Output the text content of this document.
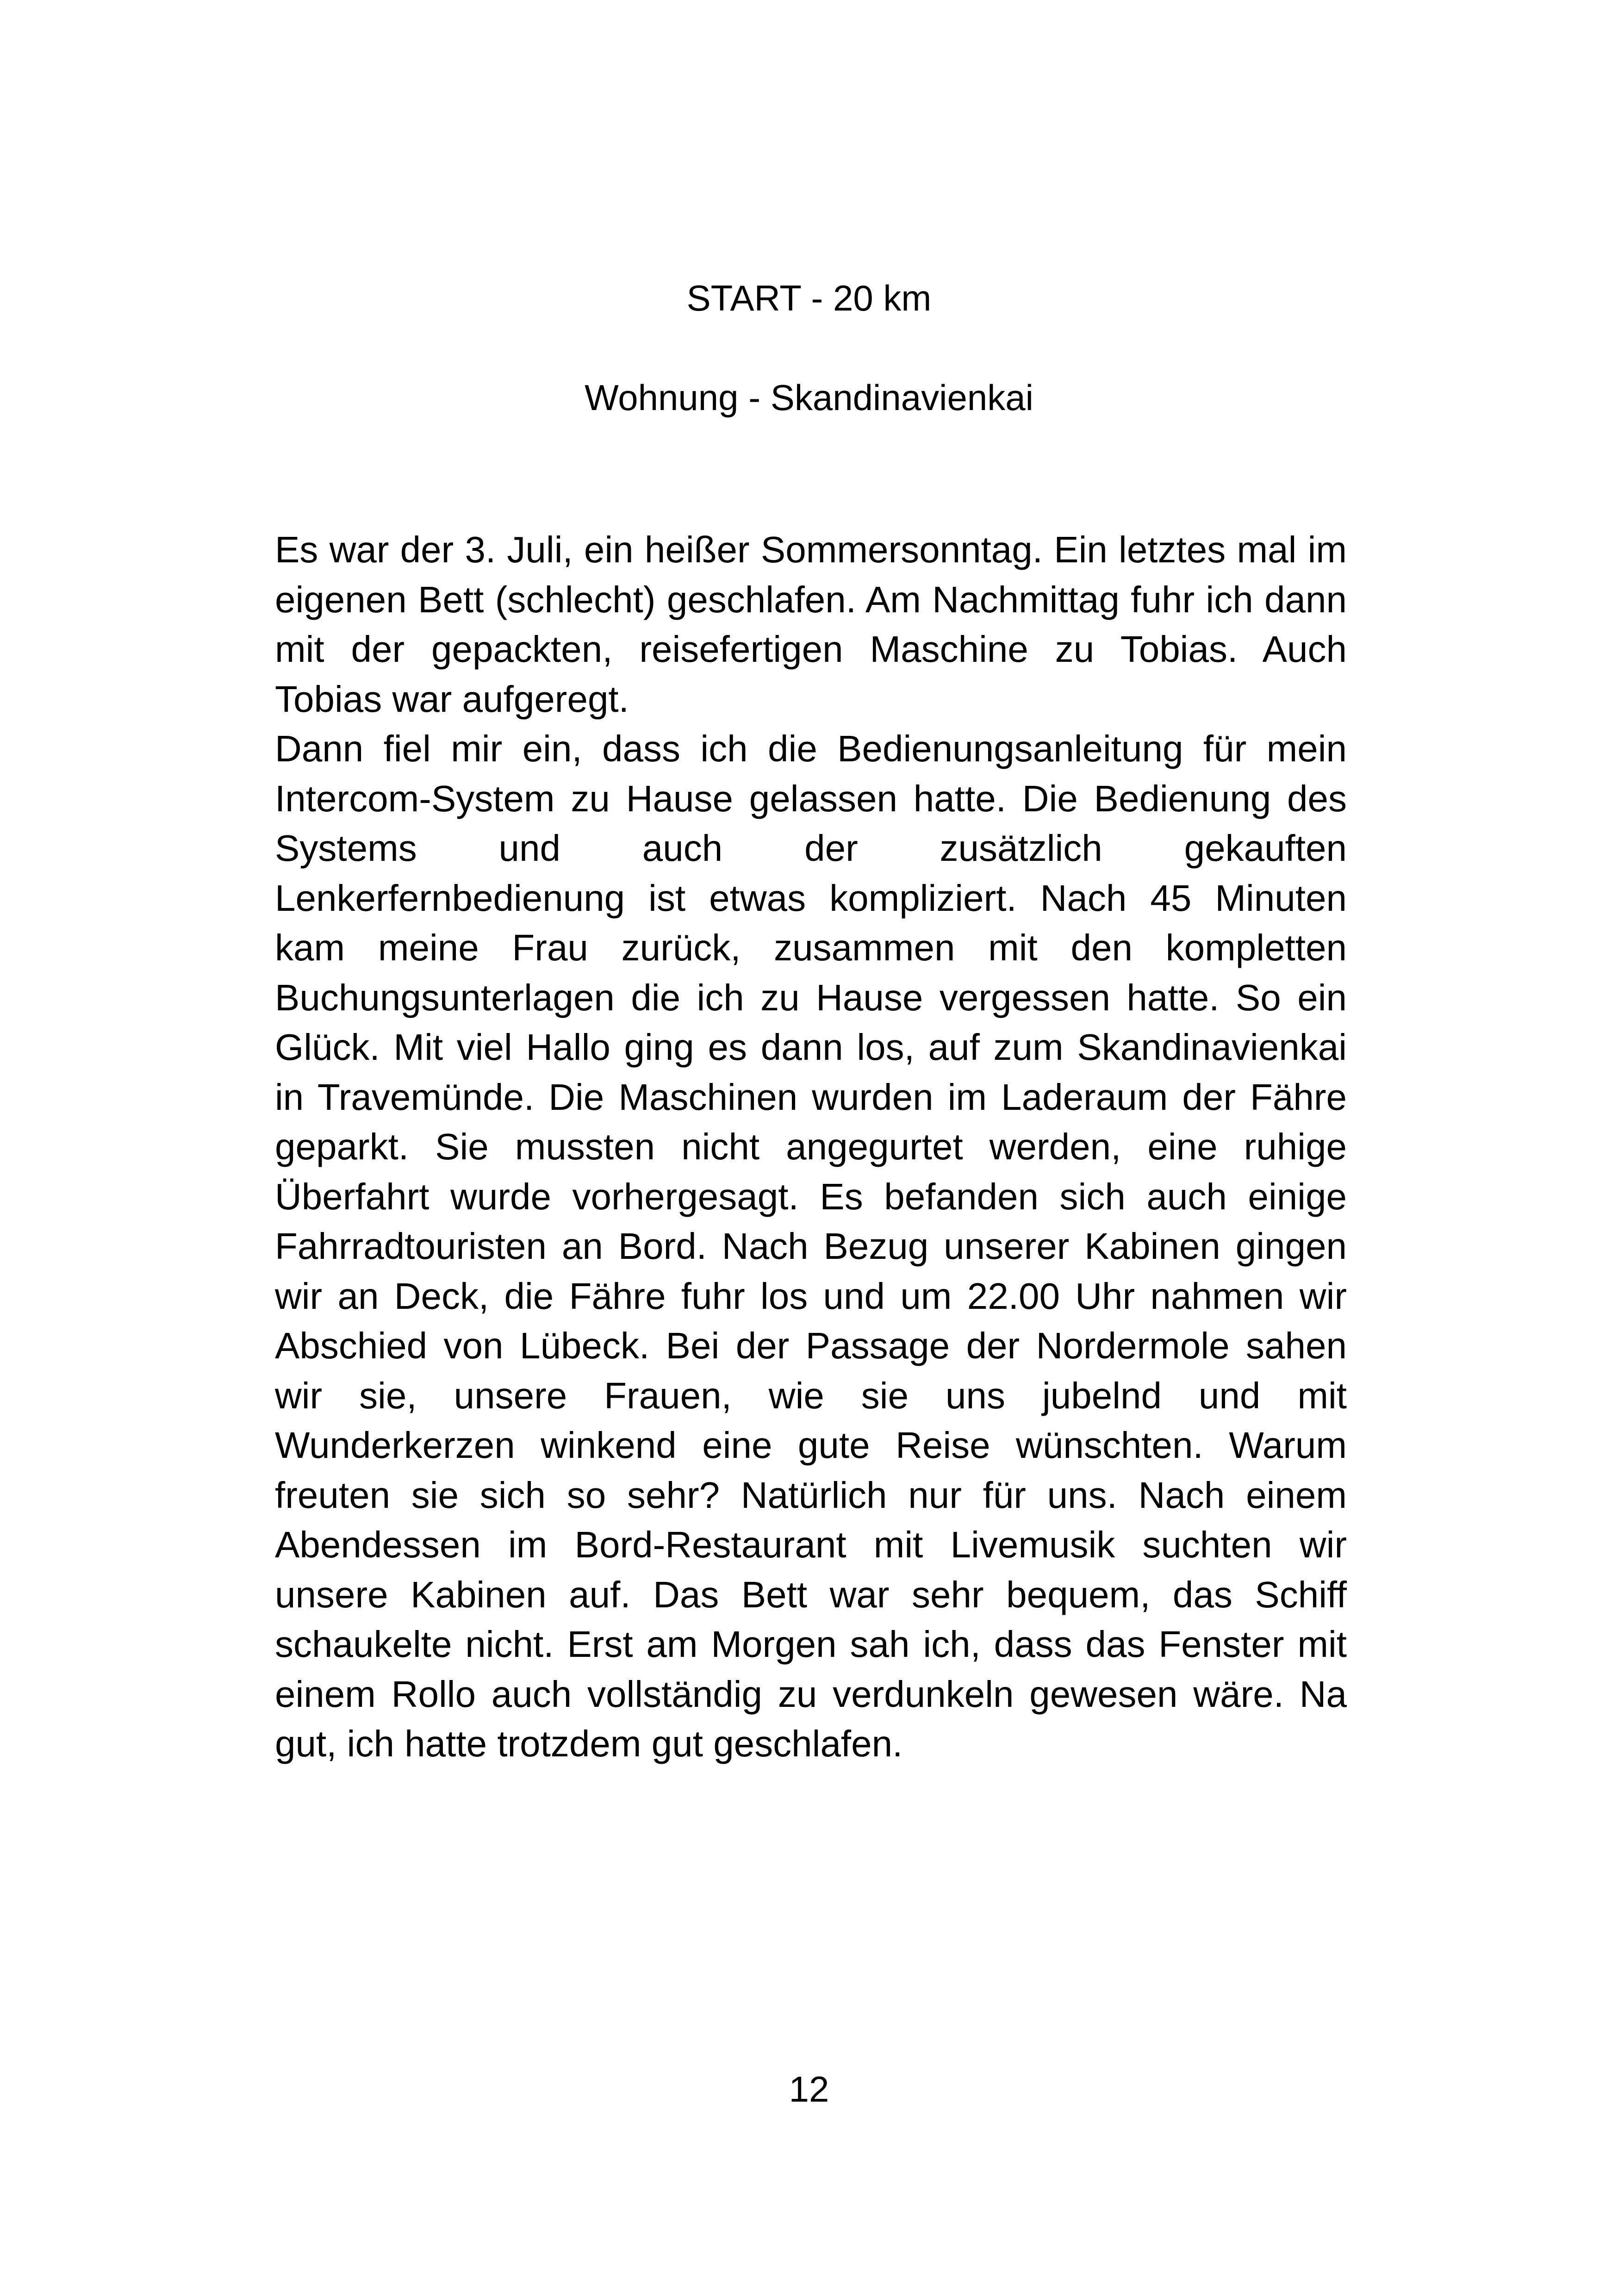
START - 20 km
Wohnung - Skandinavienkai

Es war der 3. Juli, ein heißer Sommersonntag. Ein letztes mal im eigenen Bett (schlecht) geschlafen. Am Nachmittag fuhr ich dann mit der gepackten, reisefertigen Maschine zu Tobias. Auch Tobias war aufgeregt.

Dann fiel mir ein, dass ich die Bedienungsanleitung für mein Intercom-System zu Hause gelassen hatte. Die Bedienung des Systems und auch der zusätzlich gekauften Lenkerfernbedienung ist etwas kompliziert. Nach 45 Minuten kam meine Frau zurück, zusammen mit den kompletten Buchungsunterlagen die ich zu Hause vergessen hatte. So ein Glück. Mit viel Hallo ging es dann los, auf zum Skandinavienkai in Travemünde. Die Maschinen wurden im Laderaum der Fähre geparkt. Sie mussten nicht angegurtet werden, eine ruhige Überfahrt wurde vorhergesagt. Es befanden sich auch einige Fahrradtouristen an Bord. Nach Bezug unserer Kabinen gingen wir an Deck, die Fähre fuhr los und um 22.00 Uhr nahmen wir Abschied von Lübeck. Bei der Passage der Nordermole sahen wir sie, unsere Frauen, wie sie uns jubelnd und mit Wunderkerzen winkend eine gute Reise wünschten. Warum freuten sie sich so sehr? Natürlich nur für uns. Nach einem Abendessen im Bord-Restaurant mit Livemusik suchten wir unsere Kabinen auf. Das Bett war sehr bequem, das Schiff schaukelte nicht. Erst am Morgen sah ich, dass das Fenster mit einem Rollo auch vollständig zu verdunkeln gewesen wäre. Na gut, ich hatte trotzdem gut geschlafen.

12
